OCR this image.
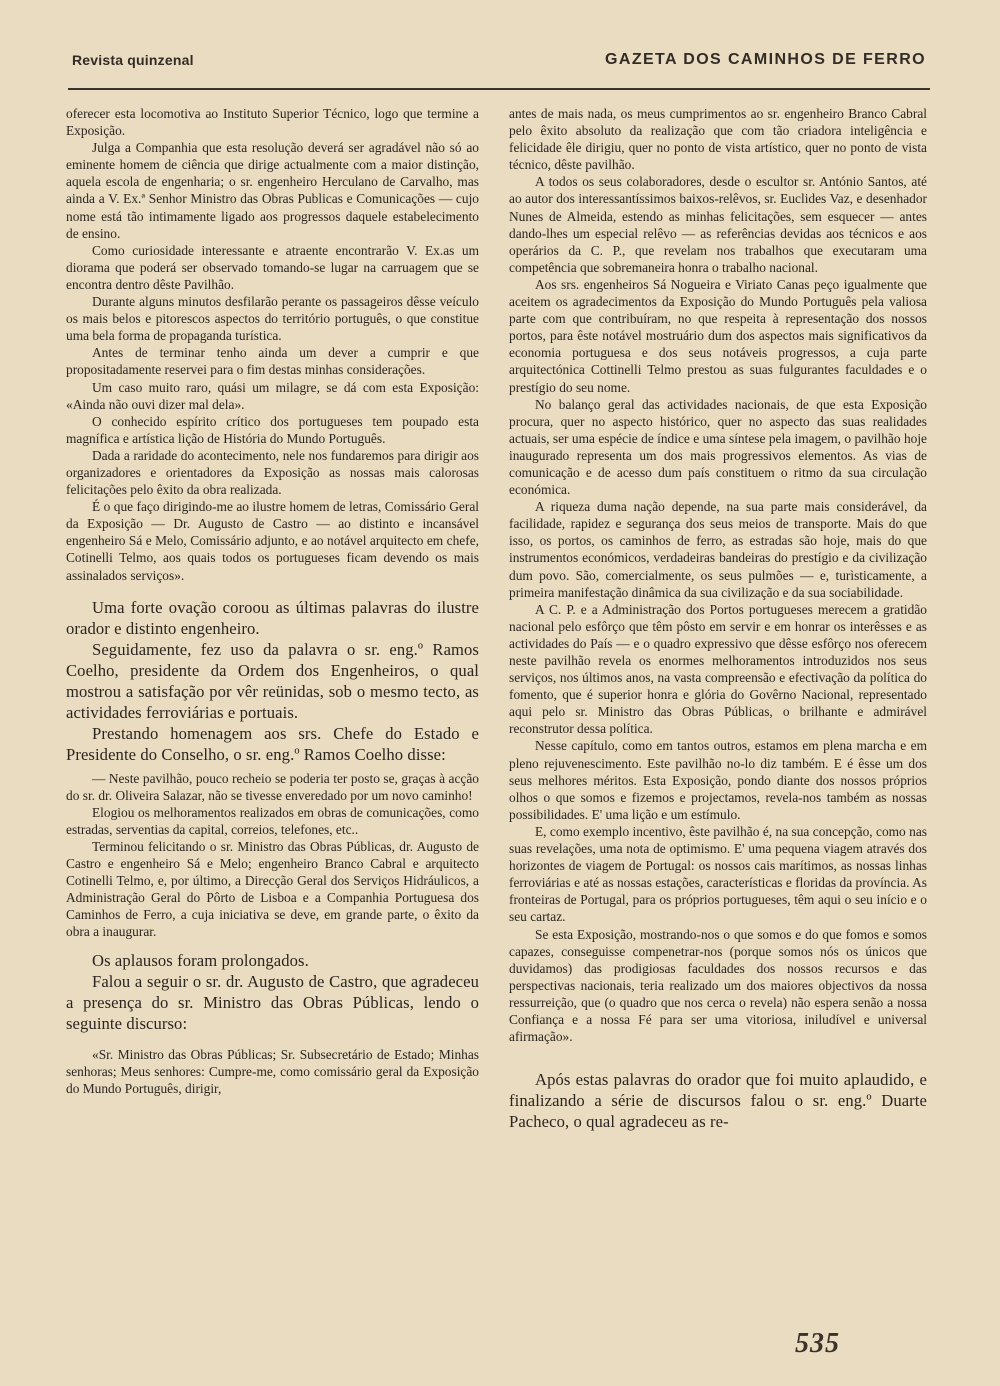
Revista quinzenal	GAZETA DOS CAMINHOS DE FERRO

oferecer esta locomotiva ao Instituto Superior Técnico, logo que termine a Exposição.

Julga a Companhia que esta resolução deverá ser agradável não só ao eminente homem de ciência que dirige actualmente com a maior distinção, aquela escola de engenharia; o sr. engenheiro Herculano de Carvalho, mas ainda a V. Ex.ª Senhor Ministro das Obras Publicas e Comunicações — cujo nome está tão intimamente ligado aos progressos daquele estabelecimento de ensino.

Como curiosidade interessante e atraente encontrarão V. Ex.as um diorama que poderá ser observado tomando-se lugar na carruagem que se encontra dentro dêste Pavilhão.

Durante alguns minutos desfilarão perante os passageiros dêsse veículo os mais belos e pitorescos aspectos do território português, o que constitue uma bela forma de propaganda turística.

Antes de terminar tenho ainda um dever a cumprir e que propositadamente reservei para o fim destas minhas considerações.

Um caso muito raro, quási um milagre, se dá com esta Exposição: «Ainda não ouvi dizer mal dela».

O conhecido espírito crítico dos portugueses tem poupado esta magnífica e artística lição de História do Mundo Português.

Dada a raridade do acontecimento, nele nos fundaremos para dirigir aos organizadores e orientadores da Exposição as nossas mais calorosas felicitações pelo êxito da obra realizada.

É o que faço dirigindo-me ao ilustre homem de letras, Comissário Geral da Exposição — Dr. Augusto de Castro — ao distinto e incansável engenheiro Sá e Melo, Comissário adjunto, e ao notável arquitecto em chefe, Cotinelli Telmo, aos quais todos os portugueses ficam devendo os mais assinalados serviços».

Uma forte ovação coroou as últimas palavras do ilustre orador e distinto engenheiro.

Seguidamente, fez uso da palavra o sr. eng.º Ramos Coelho, presidente da Ordem dos Engenheiros, o qual mostrou a satisfação por vêr reünidas, sob o mesmo tecto, as actividades ferroviárias e portuais.

Prestando homenagem aos srs. Chefe do Estado e Presidente do Conselho, o sr. eng.º Ramos Coelho disse:

— Neste pavilhão, pouco recheio se poderia ter posto se, graças à acção do sr. dr. Oliveira Salazar, não se tivesse enveredado por um novo caminho!

Elogiou os melhoramentos realizados em obras de comunicações, como estradas, serventias da capital, correios, telefones, etc..

Terminou felicitando o sr. Ministro das Obras Públicas, dr. Augusto de Castro e engenheiro Sá e Melo; engenheiro Branco Cabral e arquitecto Cotinelli Telmo, e, por último, a Direcção Geral dos Serviços Hidráulicos, a Administração Geral do Pôrto de Lisboa e a Companhia Portuguesa dos Caminhos de Ferro, a cuja iniciativa se deve, em grande parte, o êxito da obra a inaugurar.

Os aplausos foram prolongados.

Falou a seguir o sr. dr. Augusto de Castro, que agradeceu a presença do sr. Ministro das Obras Públicas, lendo o seguinte discurso:

«Sr. Ministro das Obras Públicas; Sr. Subsecretário de Estado; Minhas senhoras; Meus senhores: Cumpre-me, como comissário geral da Exposição do Mundo Português, dirigir,

antes de mais nada, os meus cumprimentos ao sr. engenheiro Branco Cabral pelo êxito absoluto da realização que com tão criadora inteligência e felicidade êle dirigiu, quer no ponto de vista artístico, quer no ponto de vista técnico, dêste pavilhão.

A todos os seus colaboradores, desde o escultor sr. António Santos, até ao autor dos interessantíssimos baixos-relêvos, sr. Euclides Vaz, e desenhador Nunes de Almeida, estendo as minhas felicitações, sem esquecer — antes dando-lhes um especial relêvo — as referências devidas aos técnicos e aos operários da C. P., que revelam nos trabalhos que executaram uma competência que sobremaneira honra o trabalho nacional.

Aos srs. engenheiros Sá Nogueira e Viriato Canas peço igualmente que aceitem os agradecimentos da Exposição do Mundo Português pela valiosa parte com que contribuíram, no que respeita à representação dos nossos portos, para êste notável mostruário dum dos aspectos mais significativos da economia portuguesa e dos seus notáveis progressos, a cuja parte arquitectónica Cottinelli Telmo prestou as suas fulgurantes faculdades e o prestígio do seu nome.

No balanço geral das actividades nacionais, de que esta Exposição procura, quer no aspecto histórico, quer no aspecto das suas realidades actuais, ser uma espécie de índice e uma síntese pela imagem, o pavilhão hoje inaugurado representa um dos mais progressivos elementos. As vias de comunicação e de acesso dum país constituem o ritmo da sua circulação económica.

A riqueza duma nação depende, na sua parte mais considerável, da facilidade, rapidez e segurança dos seus meios de transporte. Mais do que isso, os portos, os caminhos de ferro, as estradas são hoje, mais do que instrumentos económicos, verdadeiras bandeiras do prestígio e da civilização dum povo. São, comercialmente, os seus pulmões — e, turìsticamente, a primeira manifestação dinâmica da sua civilização e da sua sociabilidade.

A C. P. e a Administração dos Portos portugueses merecem a gratidão nacional pelo esfôrço que têm pôsto em servir e em honrar os interêsses e as actividades do País — e o quadro expressivo que dêsse esfôrço nos oferecem neste pavilhão revela os enormes melhoramentos introduzidos nos seus serviços, nos últimos anos, na vasta compreensão e efectivação da política do fomento, que é superior honra e glória do Govêrno Nacional, representado aqui pelo sr. Ministro das Obras Públicas, o brilhante e admirável reconstrutor dessa política.

Nesse capítulo, como em tantos outros, estamos em plena marcha e em pleno rejuvenescimento. Este pavilhão no-lo diz também. E é êsse um dos seus melhores méritos. Esta Exposição, pondo diante dos nossos próprios olhos o que somos e fizemos e projectamos, revela-nos também as nossas possibilidades. E' uma lição e um estímulo.

E, como exemplo incentivo, êste pavilhão é, na sua concepção, como nas suas revelações, uma nota de optimismo. E' uma pequena viagem através dos horizontes de viagem de Portugal: os nossos cais marítimos, as nossas linhas ferroviárias e até as nossas estações, características e floridas da província. As fronteiras de Portugal, para os próprios portugueses, têm aqui o seu início e o seu cartaz.

Se esta Exposição, mostrando-nos o que somos e do que fomos e somos capazes, conseguisse compenetrar-nos (porque somos nós os únicos que duvidamos) das prodigiosas faculdades dos nossos recursos e das perspectivas nacionais, teria realizado um dos maiores objectivos da nossa ressurreição, que (o quadro que nos cerca o revela) não espera senão a nossa Confiança e a nossa Fé para ser uma vitoriosa, iniludível e universal afirmação».

Após estas palavras do orador que foi muito aplaudido, e finalizando a série de discursos falou o sr. eng.º Duarte Pacheco, o qual agradeceu as re-

535
